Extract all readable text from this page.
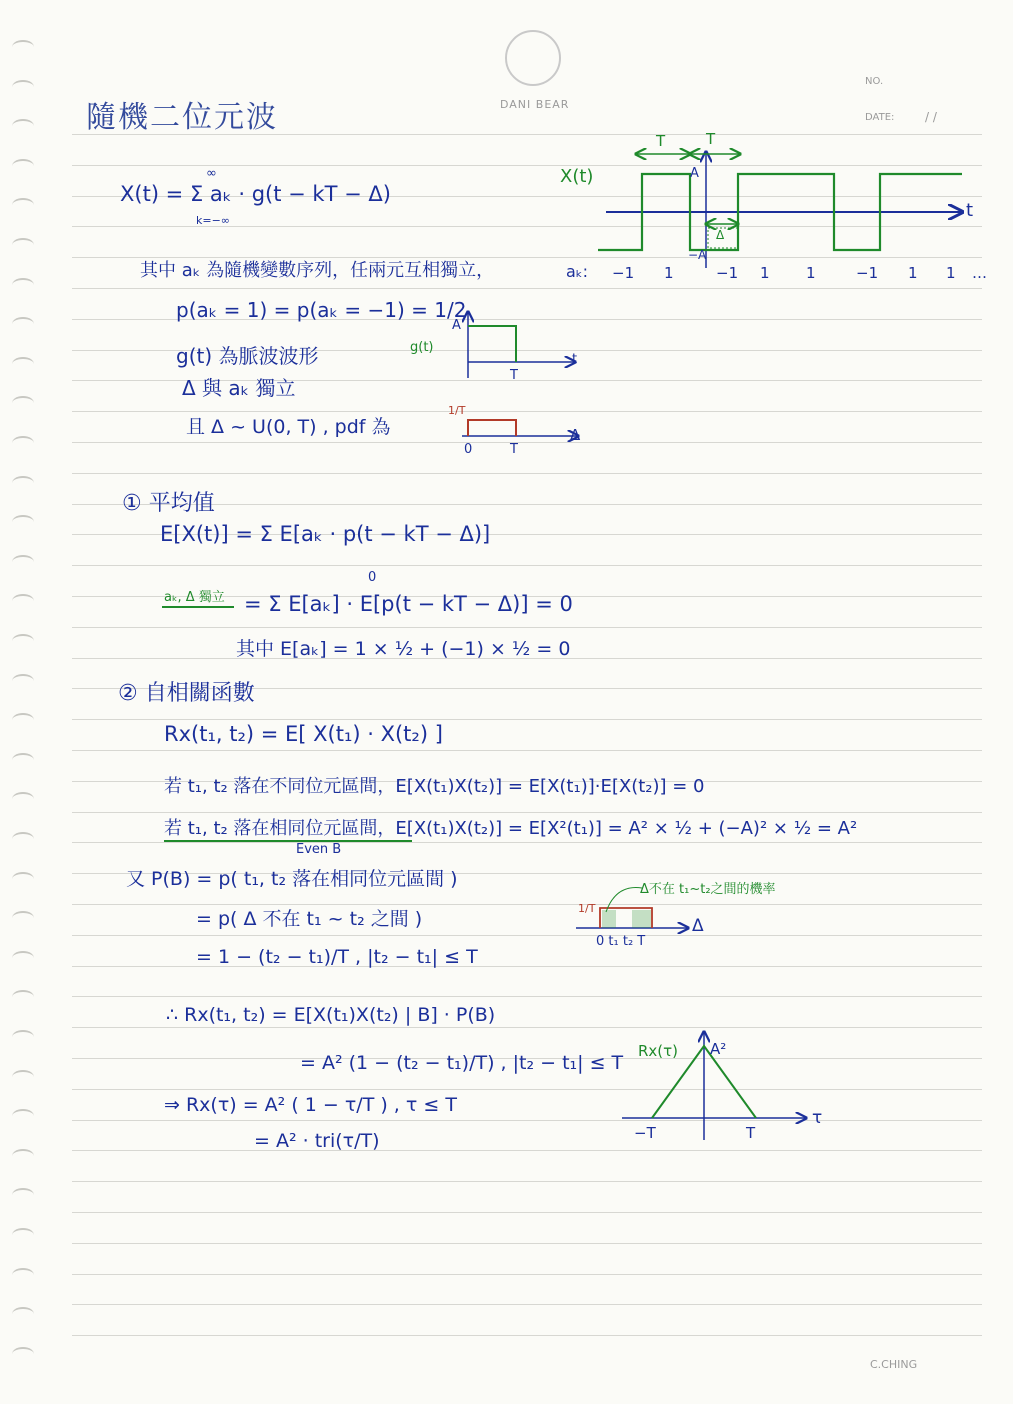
DANI BEAR
NO.
DATE:	/ /
隨機二位元波
X(t) = Σ aₖ · g(t − kT − Δ)
∞
k=−∞
其中 aₖ 為隨機變數序列，任兩元互相獨立，
p(aₖ = 1) = p(aₖ = −1) = 1/2
g(t) 為脈波波形
Δ 與 aₖ 獨立
且 Δ ~ U(0, T) , pdf 為
① 平均值
E[X(t)] = Σ E[aₖ · p(t − kT − Δ)]
aₖ, Δ 獨立 = Σ E[aₖ] · E[p(t − kT − Δ)] = 0
0
其中 E[aₖ] = 1 × ½ + (−1) × ½ = 0
② 自相關函數
Rx(t₁, t₂) = E[ X(t₁) · X(t₂) ]
若 t₁, t₂ 落在不同位元區間，E[X(t₁)X(t₂)] = E[X(t₁)]·E[X(t₂)] = 0
若 t₁, t₂ 落在相同位元區間，E[X(t₁)X(t₂)] = E[X²(t₁)] = A² × ½ + (−A)² × ½ = A²
Even B
又 P(B) = p( t₁, t₂ 落在相同位元區間 )
= p( Δ 不在 t₁ ~ t₂ 之間 )
= 1 − (t₂ − t₁)/T , |t₂ − t₁| ≤ T
∴ Rx(t₁, t₂) = E[X(t₁)X(t₂) | B] · P(B)
= A² (1 − (t₂ − t₁)/T) , |t₂ − t₁| ≤ T
⇒ Rx(τ) = A² ( 1 − τ/T ) , τ ≤ T
= A² · tri(τ/T)
C.CHING
X(t)
t
T	T
A
−A
Δ
aₖ: −1 1	−1 1 1	−1 1 1 …
g(t)
A
t
T
1/T
Δ
0	T
Δ不在 t₁~t₂之間的機率
1/T
0 t₁ t₂ T
Δ
Rx(τ) A²
−T	T
τ
